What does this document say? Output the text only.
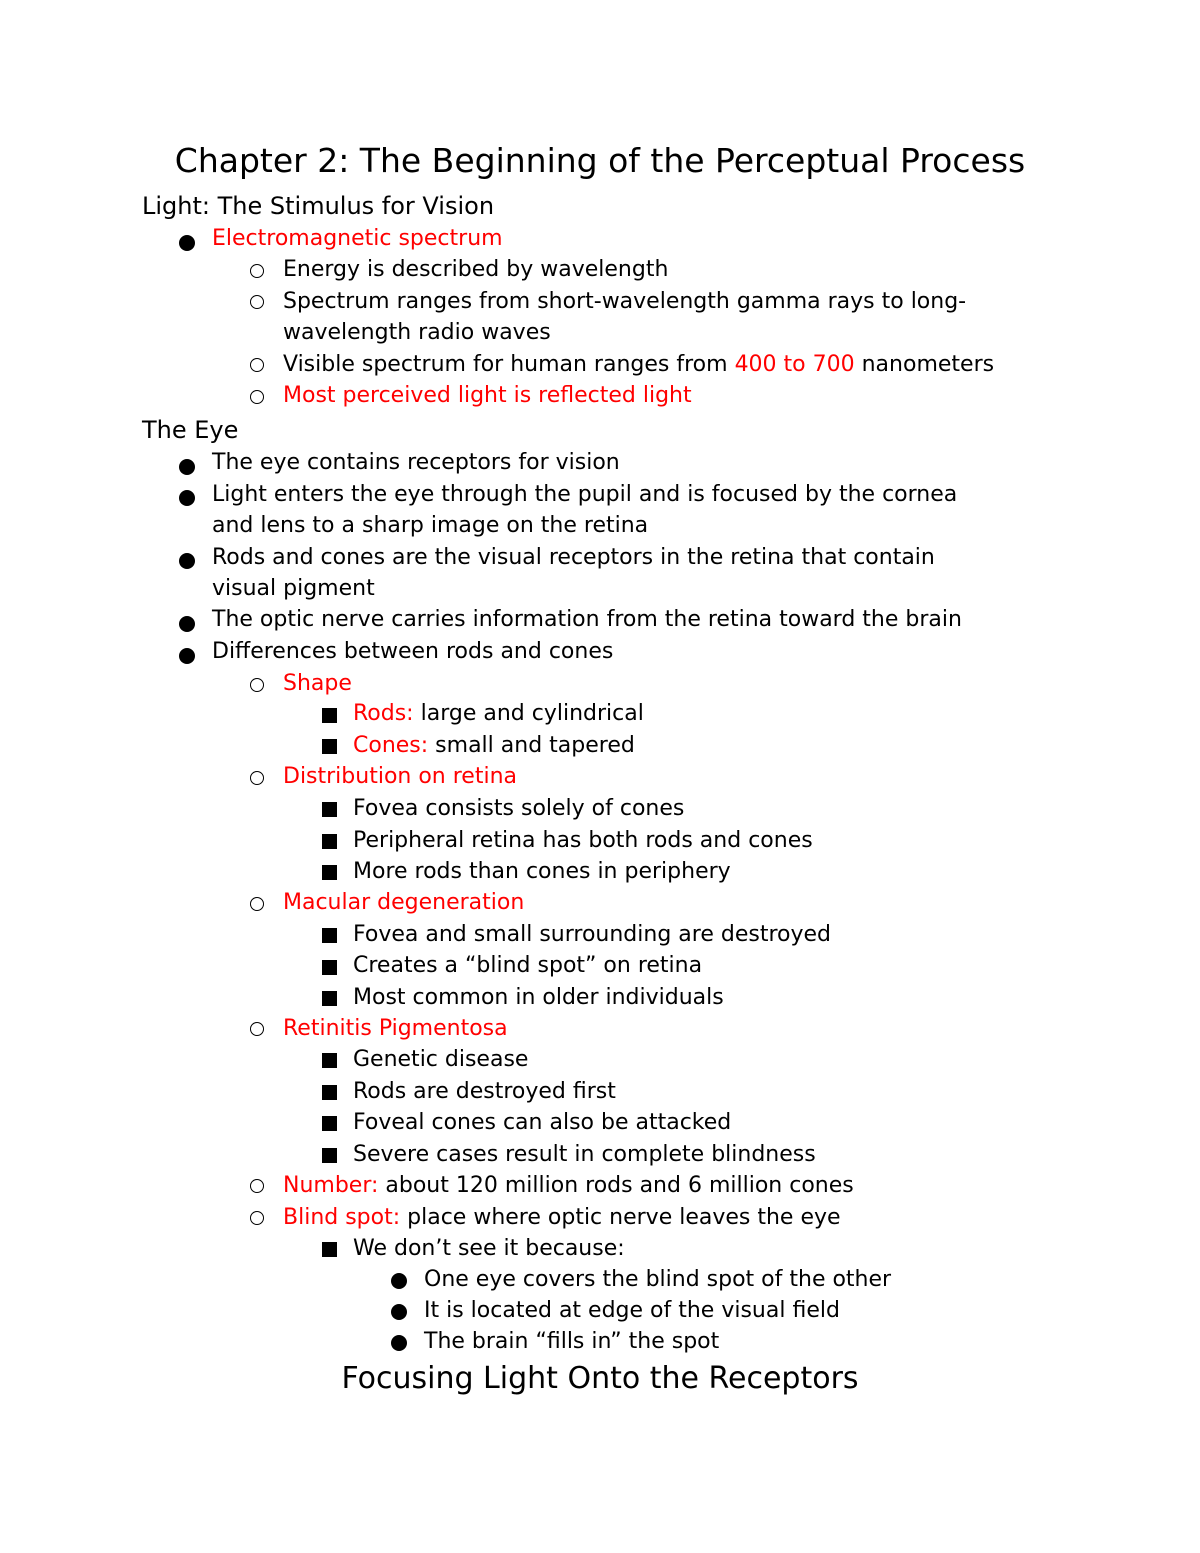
Chapter 2: The Beginning of the Perceptual Process
Light: The Stimulus for Vision
Electromagnetic spectrum
Energy is described by wavelength
Spectrum ranges from short-wavelength gamma rays to long-
wavelength radio waves
Visible spectrum for human ranges from 400 to 700 nanometers
Most perceived light is reflected light
The Eye
The eye contains receptors for vision
Light enters the eye through the pupil and is focused by the cornea
and lens to a sharp image on the retina
Rods and cones are the visual receptors in the retina that contain
visual pigment
The optic nerve carries information from the retina toward the brain
Differences between rods and cones
Shape
Rods: large and cylindrical
Cones: small and tapered
Distribution on retina
Fovea consists solely of cones
Peripheral retina has both rods and cones
More rods than cones in periphery
Macular degeneration
Fovea and small surrounding are destroyed
Creates a “blind spot” on retina
Most common in older individuals
Retinitis Pigmentosa
Genetic disease
Rods are destroyed first
Foveal cones can also be attacked
Severe cases result in complete blindness
Number: about 120 million rods and 6 million cones
Blind spot: place where optic nerve leaves the eye
We don’t see it because:
One eye covers the blind spot of the other
It is located at edge of the visual field
The brain “fills in” the spot
Focusing Light Onto the Receptors
